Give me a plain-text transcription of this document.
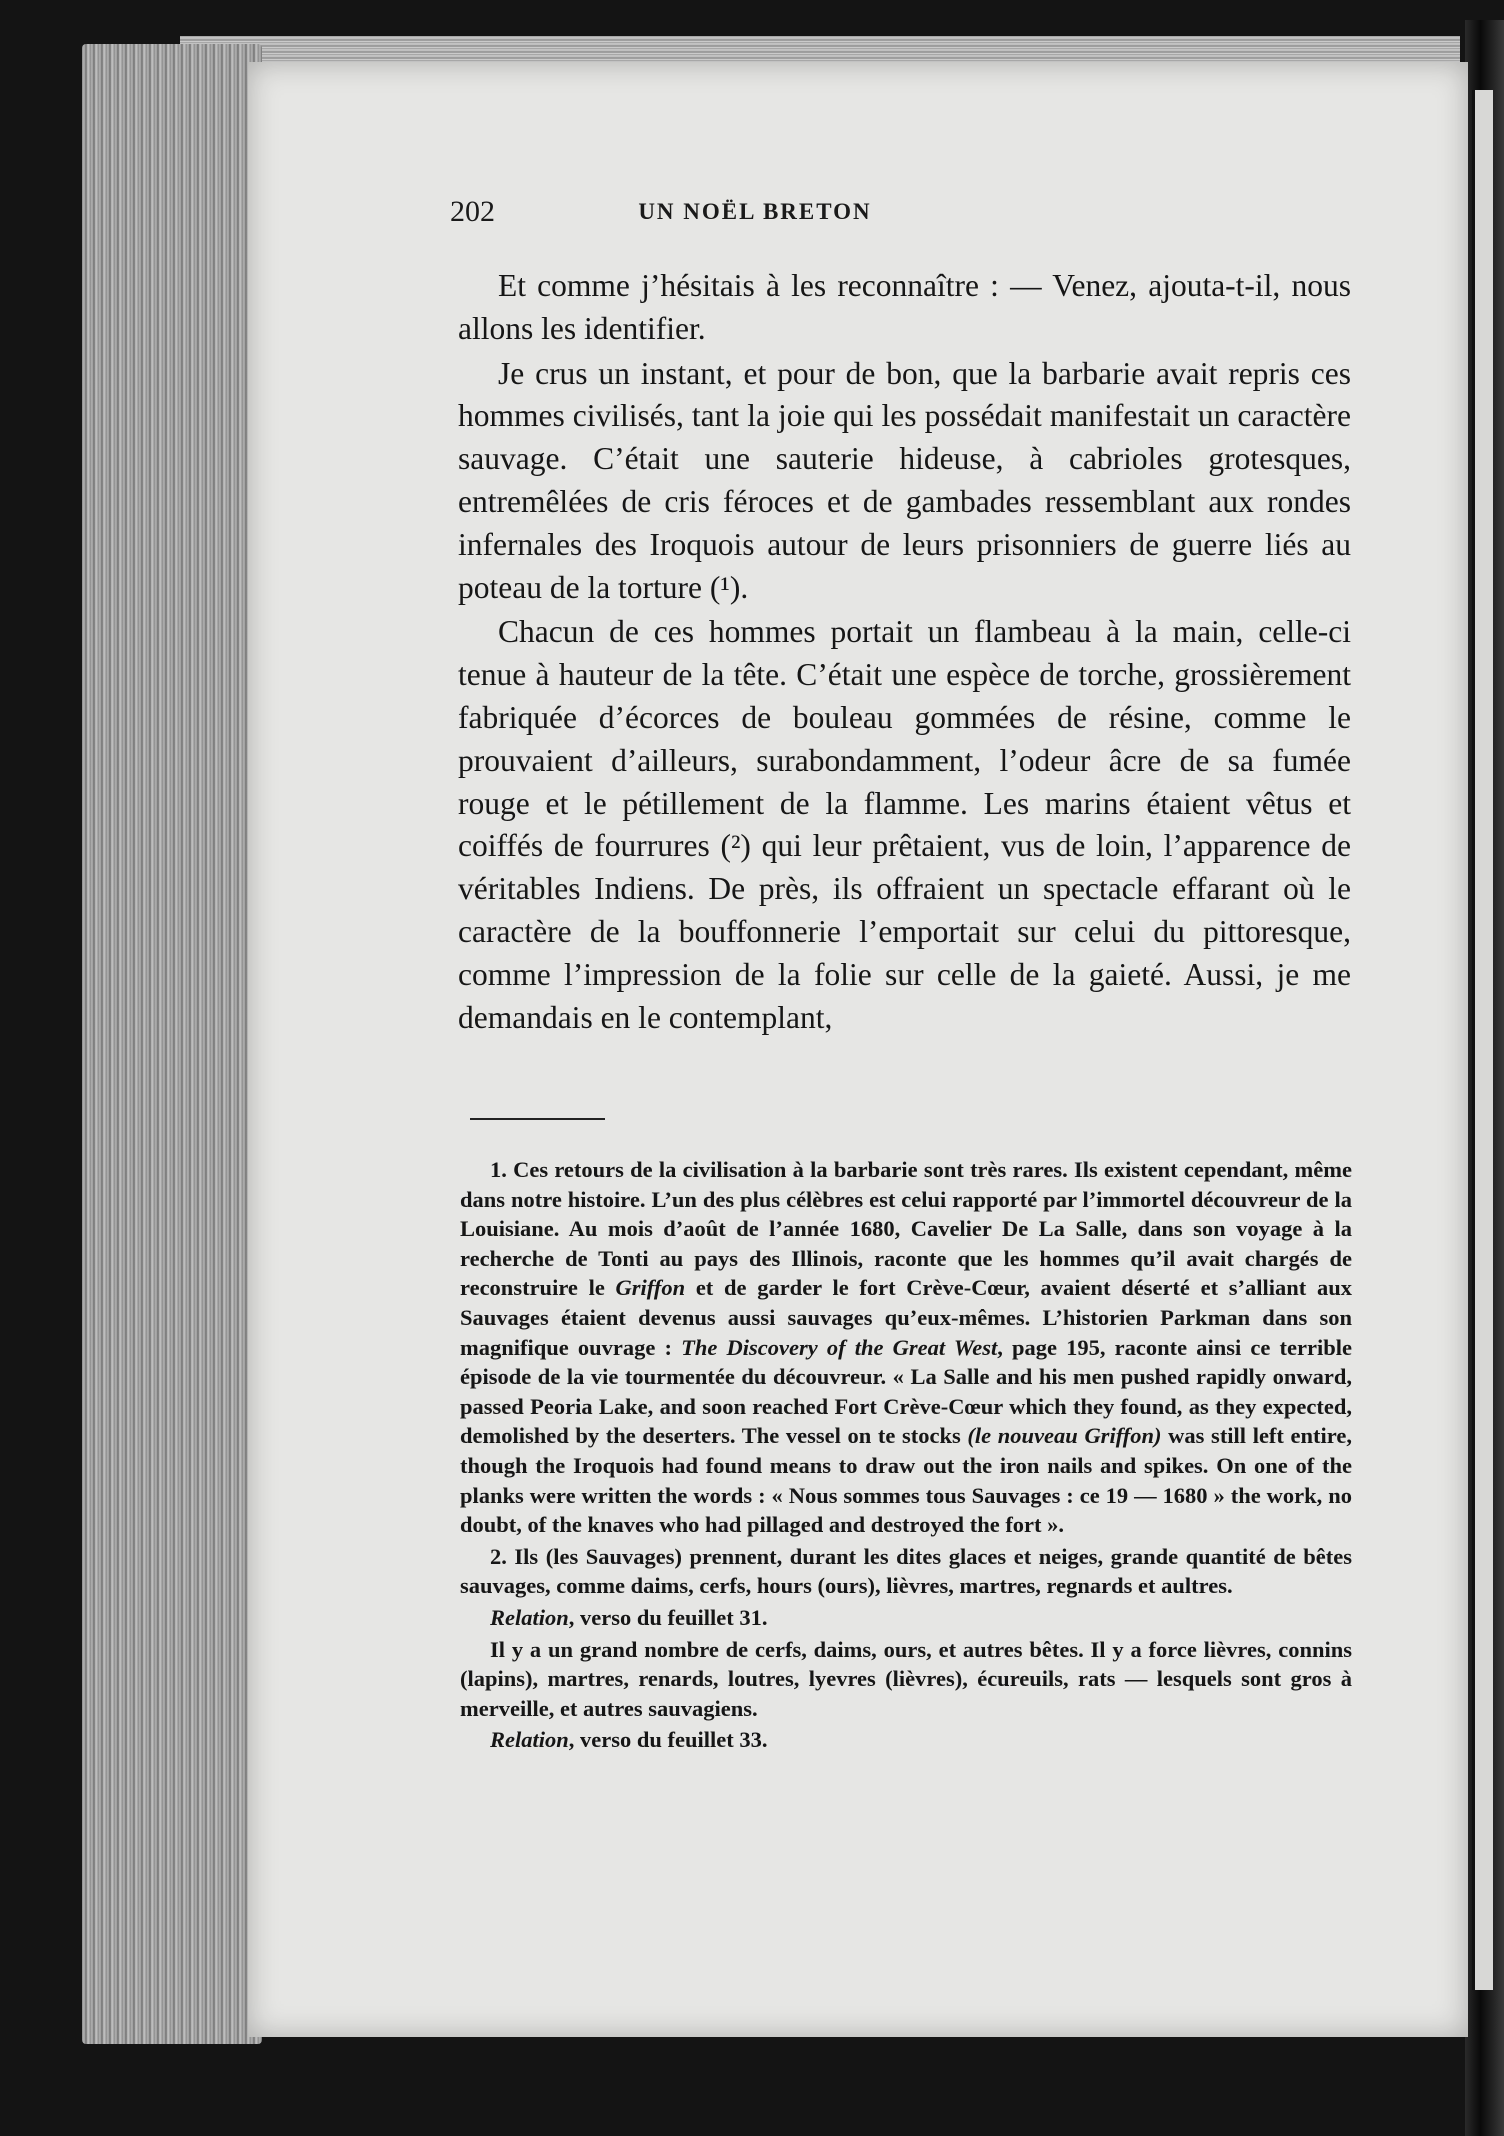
202	UN NOËL BRETON

Et comme j’hésitais à les reconnaître : — Venez, ajouta-t-il, nous allons les identifier.

Je crus un instant, et pour de bon, que la barbarie avait repris ces hommes civilisés, tant la joie qui les possédait manifestait un caractère sauvage. C’était une sauterie hideuse, à cabrioles grotesques, entremêlées de cris féroces et de gambades ressemblant aux rondes infernales des Iroquois autour de leurs prisonniers de guerre liés au poteau de la torture (¹).

Chacun de ces hommes portait un flambeau à la main, celle-ci tenue à hauteur de la tête. C’était une espèce de torche, grossièrement fabriquée d’écorces de bouleau gommées de résine, comme le prouvaient d’ailleurs, surabondamment, l’odeur âcre de sa fumée rouge et le pétillement de la flamme. Les marins étaient vêtus et coiffés de fourrures (²) qui leur prêtaient, vus de loin, l’apparence de véritables Indiens. De près, ils offraient un spectacle effarant où le caractère de la bouffonnerie l’emportait sur celui du pittoresque, comme l’impression de la folie sur celle de la gaieté. Aussi, je me demandais en le contemplant,

1. Ces retours de la civilisation à la barbarie sont très rares. Ils existent cependant, même dans notre histoire. L’un des plus célèbres est celui rapporté par l’immortel découvreur de la Louisiane. Au mois d’août de l’année 1680, Cavelier De La Salle, dans son voyage à la recherche de Tonti au pays des Illinois, raconte que les hommes qu’il avait chargés de reconstruire le Griffon et de garder le fort Crève-Cœur, avaient déserté et s’alliant aux Sauvages étaient devenus aussi sauvages qu’eux-mêmes. L’historien Parkman dans son magnifique ouvrage : The Discovery of the Great West, page 195, raconte ainsi ce terrible épisode de la vie tourmentée du découvreur. « La Salle and his men pushed rapidly onward, passed Peoria Lake, and soon reached Fort Crève-Cœur which they found, as they expected, demolished by the deserters. The vessel on te stocks (le nouveau Griffon) was still left entire, though the Iroquois had found means to draw out the iron nails and spikes. On one of the planks were written the words : « Nous sommes tous Sauvages : ce 19 — 1680 » the work, no doubt, of the knaves who had pillaged and destroyed the fort ».

2. Ils (les Sauvages) prennent, durant les dites glaces et neiges, grande quantité de bêtes sauvages, comme daims, cerfs, hours (ours), lièvres, martres, regnards et aultres.

Relation, verso du feuillet 31.

Il y a un grand nombre de cerfs, daims, ours, et autres bêtes. Il y a force lièvres, connins (lapins), martres, renards, loutres, lyevres (lièvres), écureuils, rats — lesquels sont gros à merveille, et autres sauvagiens.

Relation, verso du feuillet 33.
